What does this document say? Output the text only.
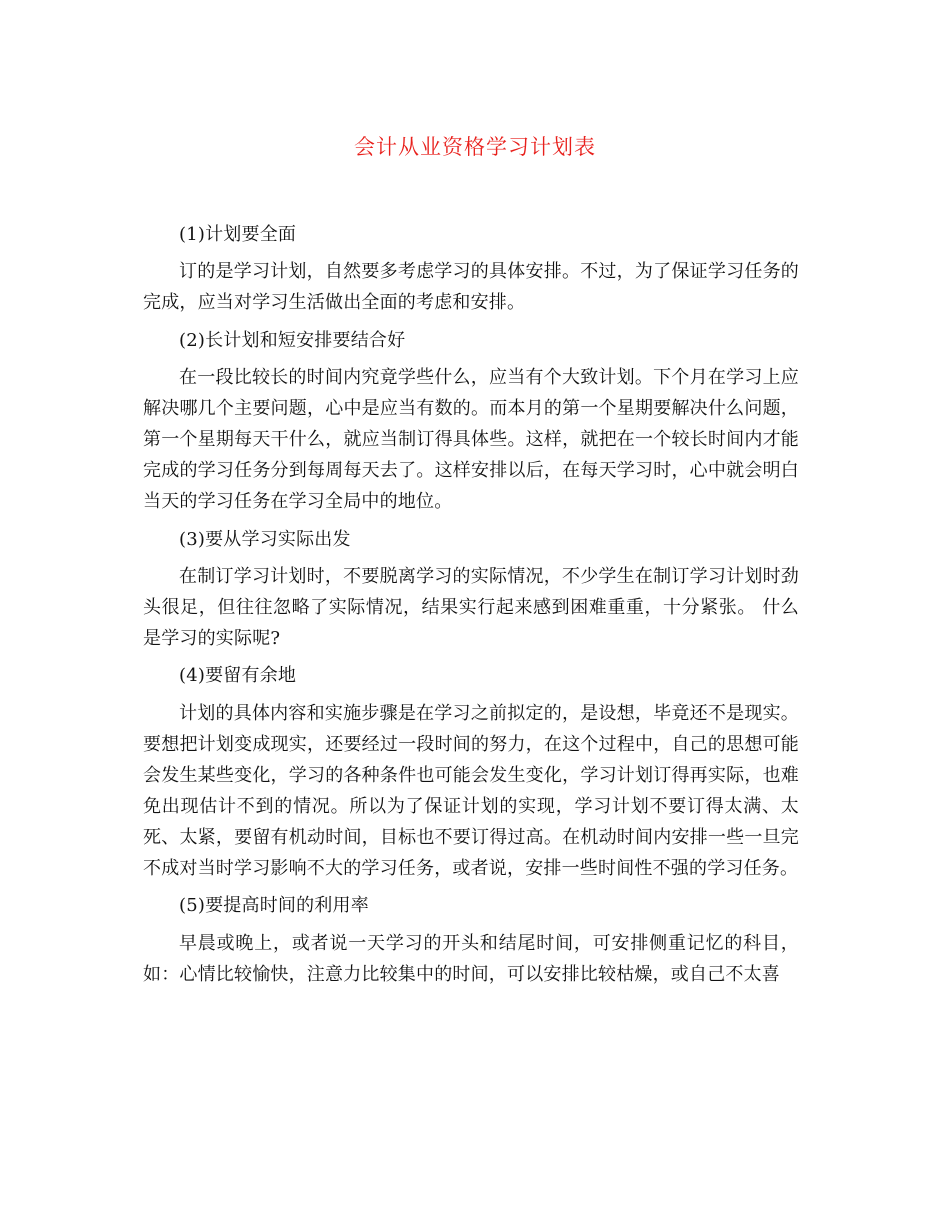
会计从业资格学习计划表
(1)计划要全面

订的是学习计划，自然要多考虑学习的具体安排。不过，为了保证学习任务的完成，应当对学习生活做出全面的考虑和安排。

(2)长计划和短安排要结合好

在一段比较长的时间内究竟学些什么，应当有个大致计划。下个月在学习上应解决哪几个主要问题，心中是应当有数的。而本月的第一个星期要解决什么问题，第一个星期每天干什么，就应当制订得具体些。这样，就把在一个较长时间内才能完成的学习任务分到每周每天去了。这样安排以后，在每天学习时，心中就会明白当天的学习任务在学习全局中的地位。

(3)要从学习实际出发

在制订学习计划时，不要脱离学习的实际情况，不少学生在制订学习计划时劲头很足，但往往忽略了实际情况，结果实行起来感到困难重重，十分紧张。 什么是学习的实际呢?

(4)要留有余地

计划的具体内容和实施步骤是在学习之前拟定的，是设想，毕竟还不是现实。要想把计划变成现实，还要经过一段时间的努力，在这个过程中，自己的思想可能会发生某些变化，学习的各种条件也可能会发生变化，学习计划订得再实际，也难免出现估计不到的情况。所以为了保证计划的实现，学习计划不要订得太满、太死、太紧，要留有机动时间，目标也不要订得过高。在机动时间内安排一些一旦完不成对当时学习影响不大的学习任务，或者说，安排一些时间性不强的学习任务。

(5)要提高时间的利用率

早晨或晚上，或者说一天学习的开头和结尾时间，可安排侧重记忆的科目，如：心情比较愉快，注意力比较集中的时间，可以安排比较枯燥，或自己不太喜
